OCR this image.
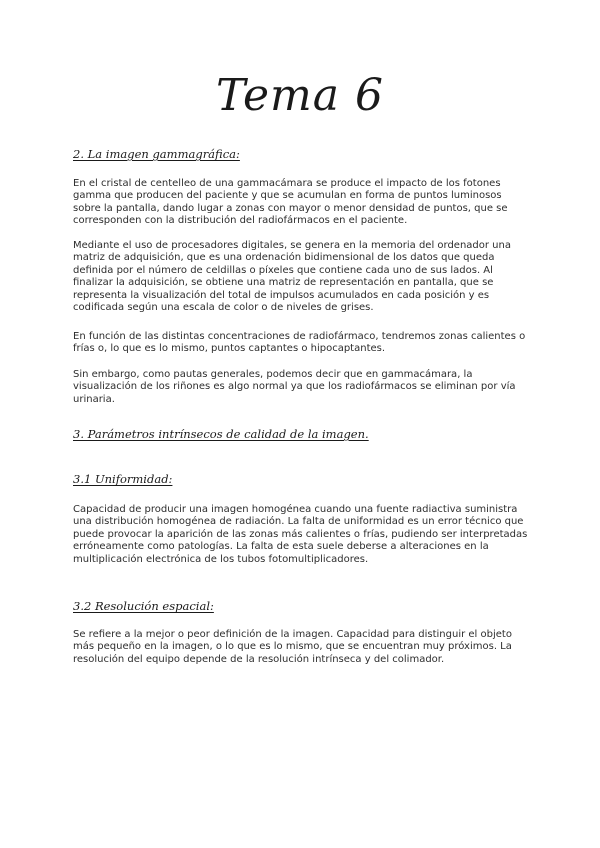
Tema 6
2. La imagen gammagráfica:

En el cristal de centelleo de una gammacámara se produce el impacto de los fotones gamma que producen del paciente y que se acumulan en forma de puntos luminosos sobre la pantalla, dando lugar a zonas con mayor o menor densidad de puntos, que se corresponden con la distribución del radiofármacos en el paciente.

Mediante el uso de procesadores digitales, se genera en la memoria del ordenador una matriz de adquisición, que es una ordenación bidimensional de los datos que queda definida por el número de celdillas o píxeles que contiene cada uno de sus lados. Al finalizar la adquisición, se obtiene una matriz de representación en pantalla, que se representa la visualización del total de impulsos acumulados en cada posición y es codificada según una escala de color o de niveles de grises.

En función de las distintas concentraciones de radiofármaco, tendremos zonas calientes o frías o, lo que es lo mismo, puntos captantes o hipocaptantes.

Sin embargo, como pautas generales, podemos decir que en gammacámara, la visualización de los riñones es algo normal ya que los radiofármacos se eliminan por vía urinaria.

3. Parámetros intrínsecos de calidad de la imagen.
3.1 Uniformidad:

Capacidad de producir una imagen homogénea cuando una fuente radiactiva suministra una distribución homogénea de radiación. La falta de uniformidad es un error técnico que puede provocar la aparición de las zonas más calientes o frías, pudiendo ser interpretadas erróneamente como patologías. La falta de esta suele deberse a alteraciones en la multiplicación electrónica de los tubos fotomultiplicadores.

3.2 Resolución espacial:

Se refiere a la mejor o peor definición de la imagen. Capacidad para distinguir el objeto más pequeño en la imagen, o lo que es lo mismo, que se encuentran muy próximos. La resolución del equipo depende de la resolución intrínseca y del colimador.
